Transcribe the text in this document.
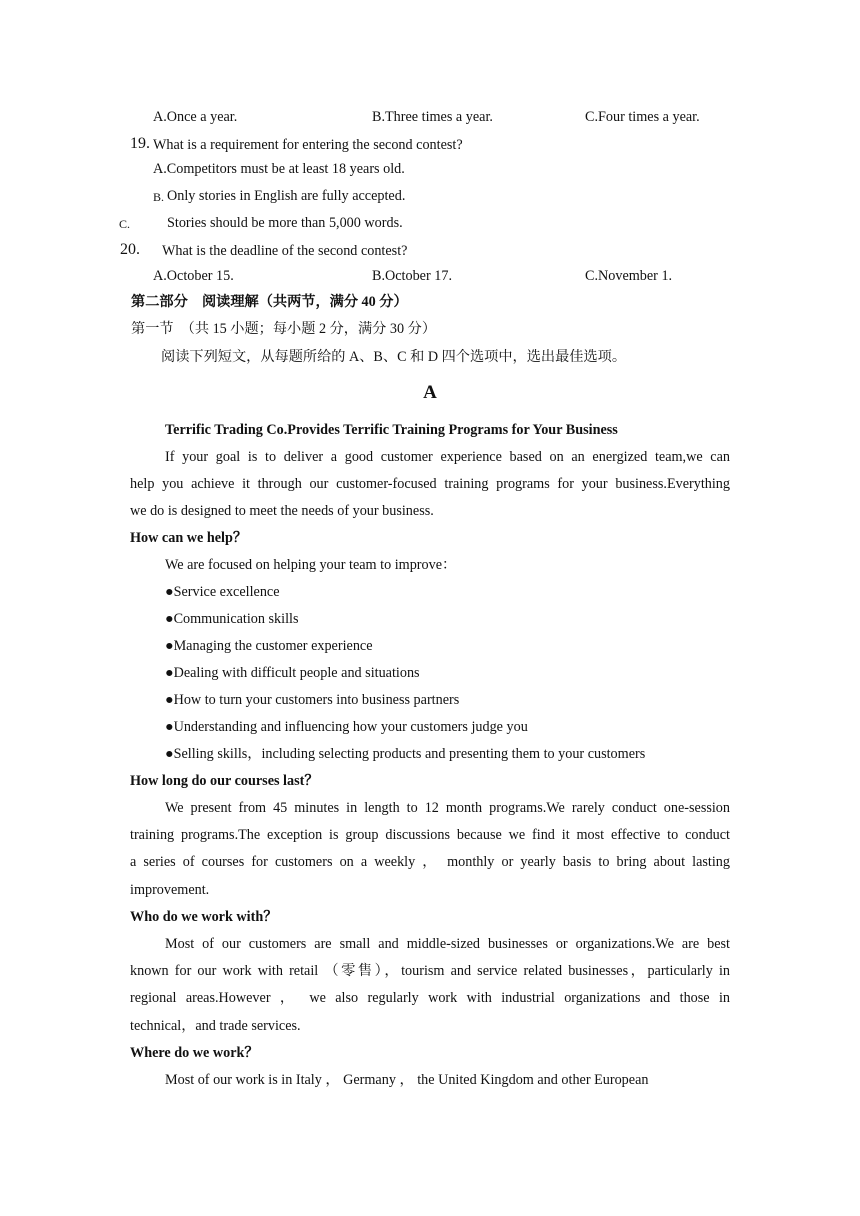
A.Once a year.	B.Three times a year.	C.Four times a year.
19. What is a requirement for entering the second contest?
A.Competitors must be at least 18 years old.
B. Only stories in English are fully accepted.
C.	Stories should be more than 5,000 words.
20. What is the deadline of the second contest?
A.October 15.	B.October 17.	C.November 1.
第二部分　阅读理解（共两节，满分 40 分）
第一节　（共 15 小题；每小题 2 分，满分 30 分）
阅读下列短文，从每题所给的 A、B、C 和 D 四个选项中，选出最佳选项。
A
Terrific Trading Co.Provides Terrific Training Programs for Your Business
If your goal is to deliver a good customer experience based on an energized team,we can
help you achieve it through our customer-focused training programs for your business.Everything
we do is designed to meet the needs of your business.
How can we help？
We are focused on helping your team to improve：
●Service excellence
●Communication skills
●Managing the customer experience
●Dealing with difficult people and situations
●How to turn your customers into business partners
●Understanding and influencing how your customers judge you
●Selling skills，including selecting products and presenting them to your customers
How long do our courses last？
We present from 45 minutes in length to 12 month programs.We rarely conduct one-session
training programs.The exception is group discussions because we find it most effective to conduct
a series of courses for customers on a weekly ， monthly or yearly basis to bring about lasting
improvement.
Who do we work with？
Most of our customers are small and middle-sized businesses or organizations.We are best
known for our work with retail （零售），tourism and service related businesses，particularly in
regional areas.However ， we also regularly work with industrial organizations and those in
technical，and trade services.
Where do we work？
Most of our work is in Italy ， Germany ， the United Kingdom and other European
